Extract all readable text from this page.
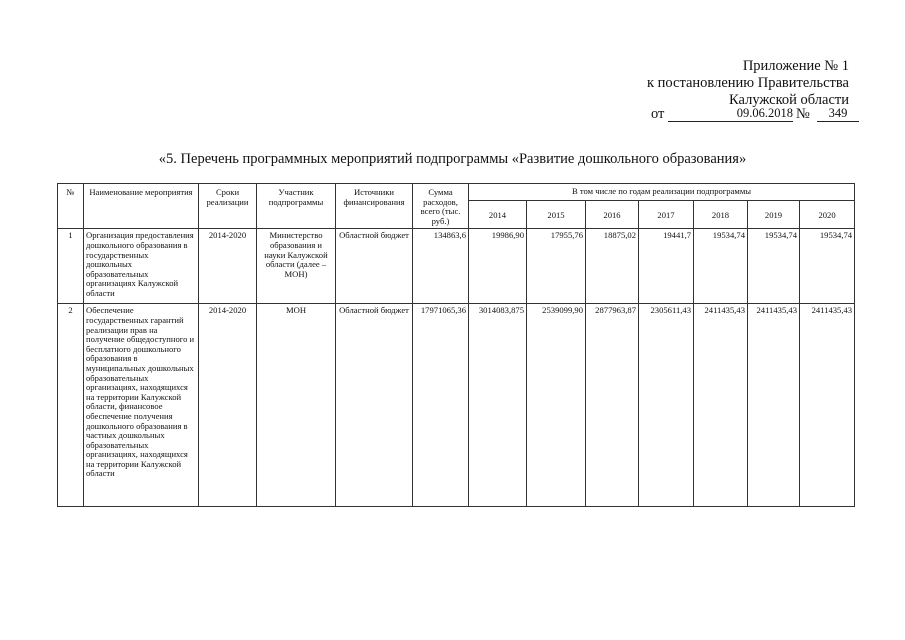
Приложение № 1
к постановлению Правительства
Калужской области
от	09.06.2018 №	349
«5. Перечень программных мероприятий подпрограммы «Развитие дошкольного образования»
№	Наименование мероприятия	Сроки реализации	Участник подпрограммы	Источники финансирования	Сумма расходов, всего (тыс. руб.)	В том числе по годам реализации подпрограммы						
						2014	2015	2016	2017	2018	2019	2020
1	Организация предоставления дошкольного образования в государственных дошкольных образовательных организациях Калужской области	2014-2020	Министерство образования и науки Калужской области (далее – МОН)	Областной бюджет	134863,6	19986,90	17955,76	18875,02	19441,7	19534,74	19534,74	19534,74
2	Обеспечение государственных гарантий реализации прав на получение общедоступного и бесплатного дошкольного образования в муниципальных дошкольных образовательных организациях, находящихся на территории Калужской области, финансовое обеспечение получения дошкольного образования в частных дошкольных образовательных организациях, находящихся на территории Калужской области	2014-2020	МОН	Областной бюджет	17971065,36	3014083,875	2539099,90	2877963,87	2305611,43	2411435,43	2411435,43	2411435,43
